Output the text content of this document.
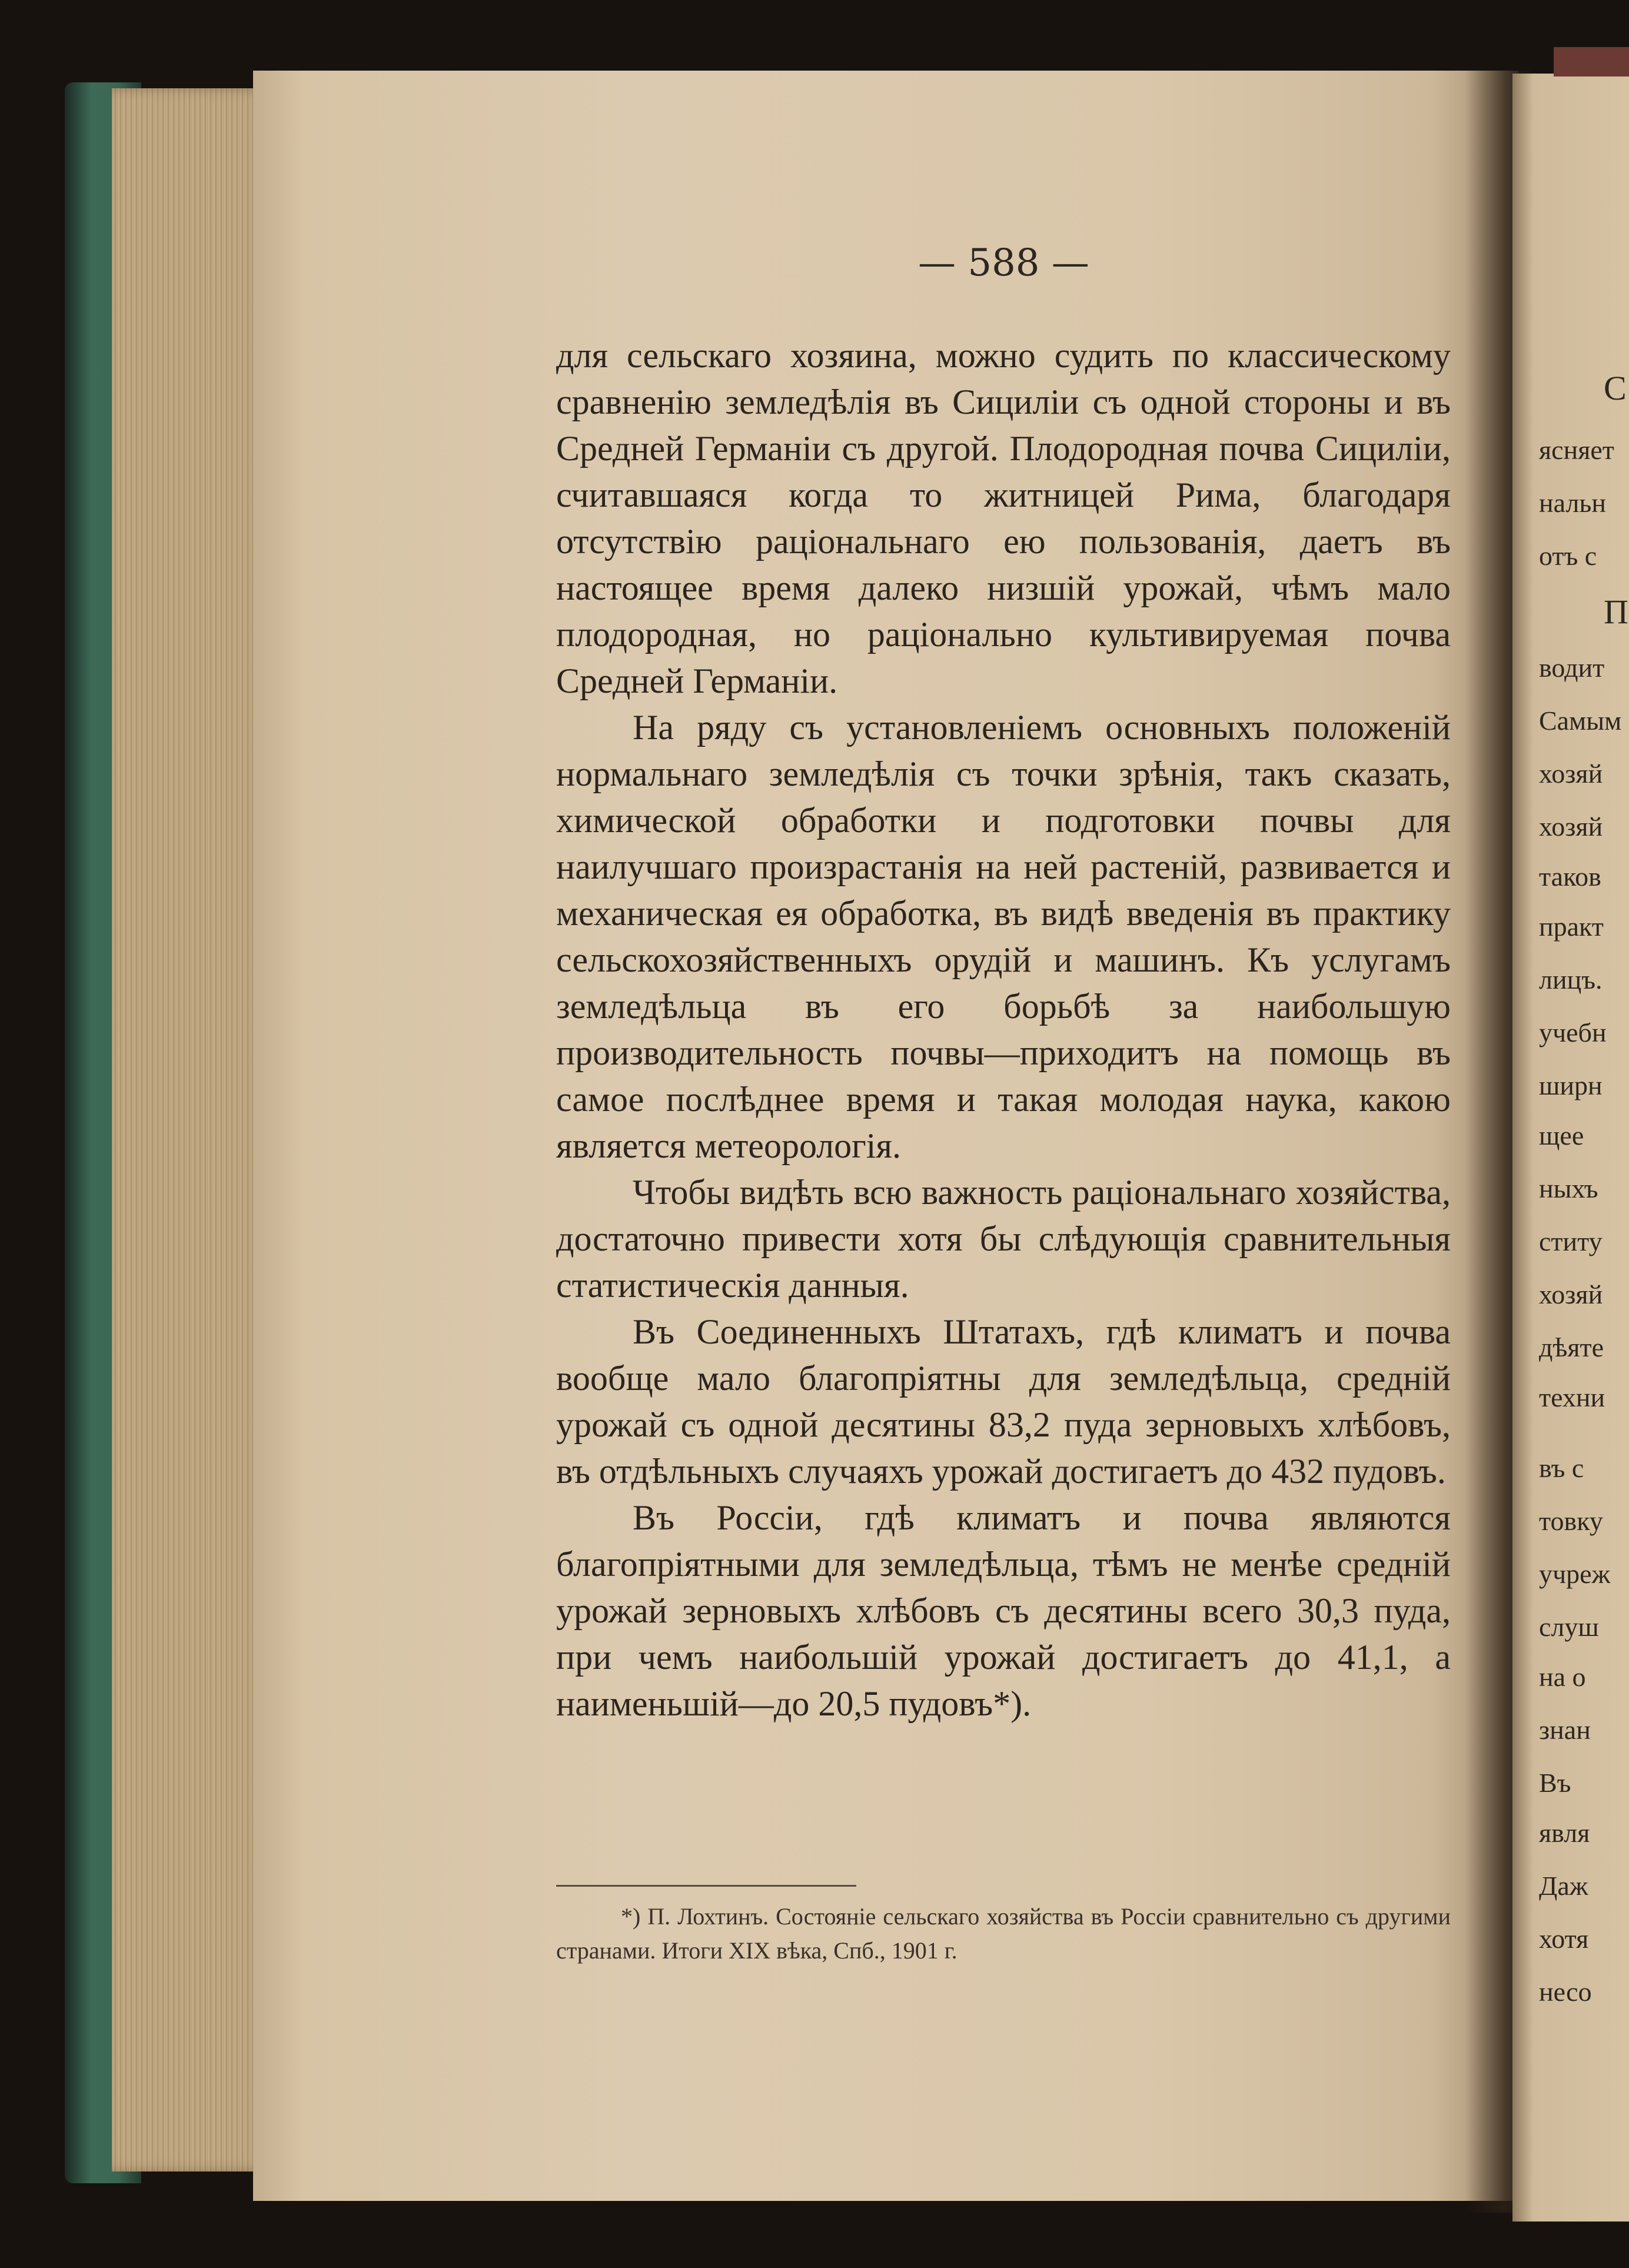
— 588 —

для сельскаго хозяина, можно судить по классическому сравненію земледѣлія въ Сициліи съ одной стороны и въ Средней Германіи съ другой. Плодородная почва Сициліи, считавшаяся когда то житницей Рима, благодаря отсутствію раціональнаго ею пользованія, даетъ въ настоящее время далеко низшій урожай, чѣмъ мало плодородная, но раціонально культивируемая почва Средней Германіи.

На ряду съ установленіемъ основныхъ положеній нормальнаго земледѣлія съ точки зрѣнія, такъ сказать, химической обработки и подготовки почвы для наилучшаго произрастанія на ней растеній, развивается и механическая ея обработка, въ видѣ введенія въ практику сельскохозяйственныхъ орудій и машинъ. Къ услугамъ земледѣльца въ его борьбѣ за наибольшую производительность почвы—приходитъ на помощь въ самое послѣднее время и такая молодая наука, какою является метеорологія.

Чтобы видѣть всю важность раціональнаго хозяйства, достаточно привести хотя бы слѣдующія сравнительныя статистическія данныя.

Въ Соединенныхъ Штатахъ, гдѣ климатъ и почва вообще мало благопріятны для земледѣльца, средній урожай съ одной десятины 83,2 пуда зерновыхъ хлѣбовъ, въ отдѣльныхъ случаяхъ урожай достигаетъ до 432 пудовъ.

Въ Россіи, гдѣ климатъ и почва являются благопріятными для земледѣльца, тѣмъ не менѣе средній урожай зерновыхъ хлѣбовъ съ десятины всего 30,3 пуда, при чемъ наибольшій урожай достигаетъ до 41,1, а наименьшій—до 20,5 пудовъ*).

*) П. Лохтинъ. Состояніе сельскаго хозяйства въ Россіи сравнительно съ другими странами. Итоги XIX вѣка, Спб., 1901 г.
С
ясняет
нальн
отъ с
П
водит
Самым
хозяй
хозяй
таков
практ
лицъ.
учебн
ширн
щее
ныхъ
ститу
хозяй
дѣяте
техни
въ с
товку
учреж
слуш
на о
знан
Въ
явля
Даж
хотя
несо
